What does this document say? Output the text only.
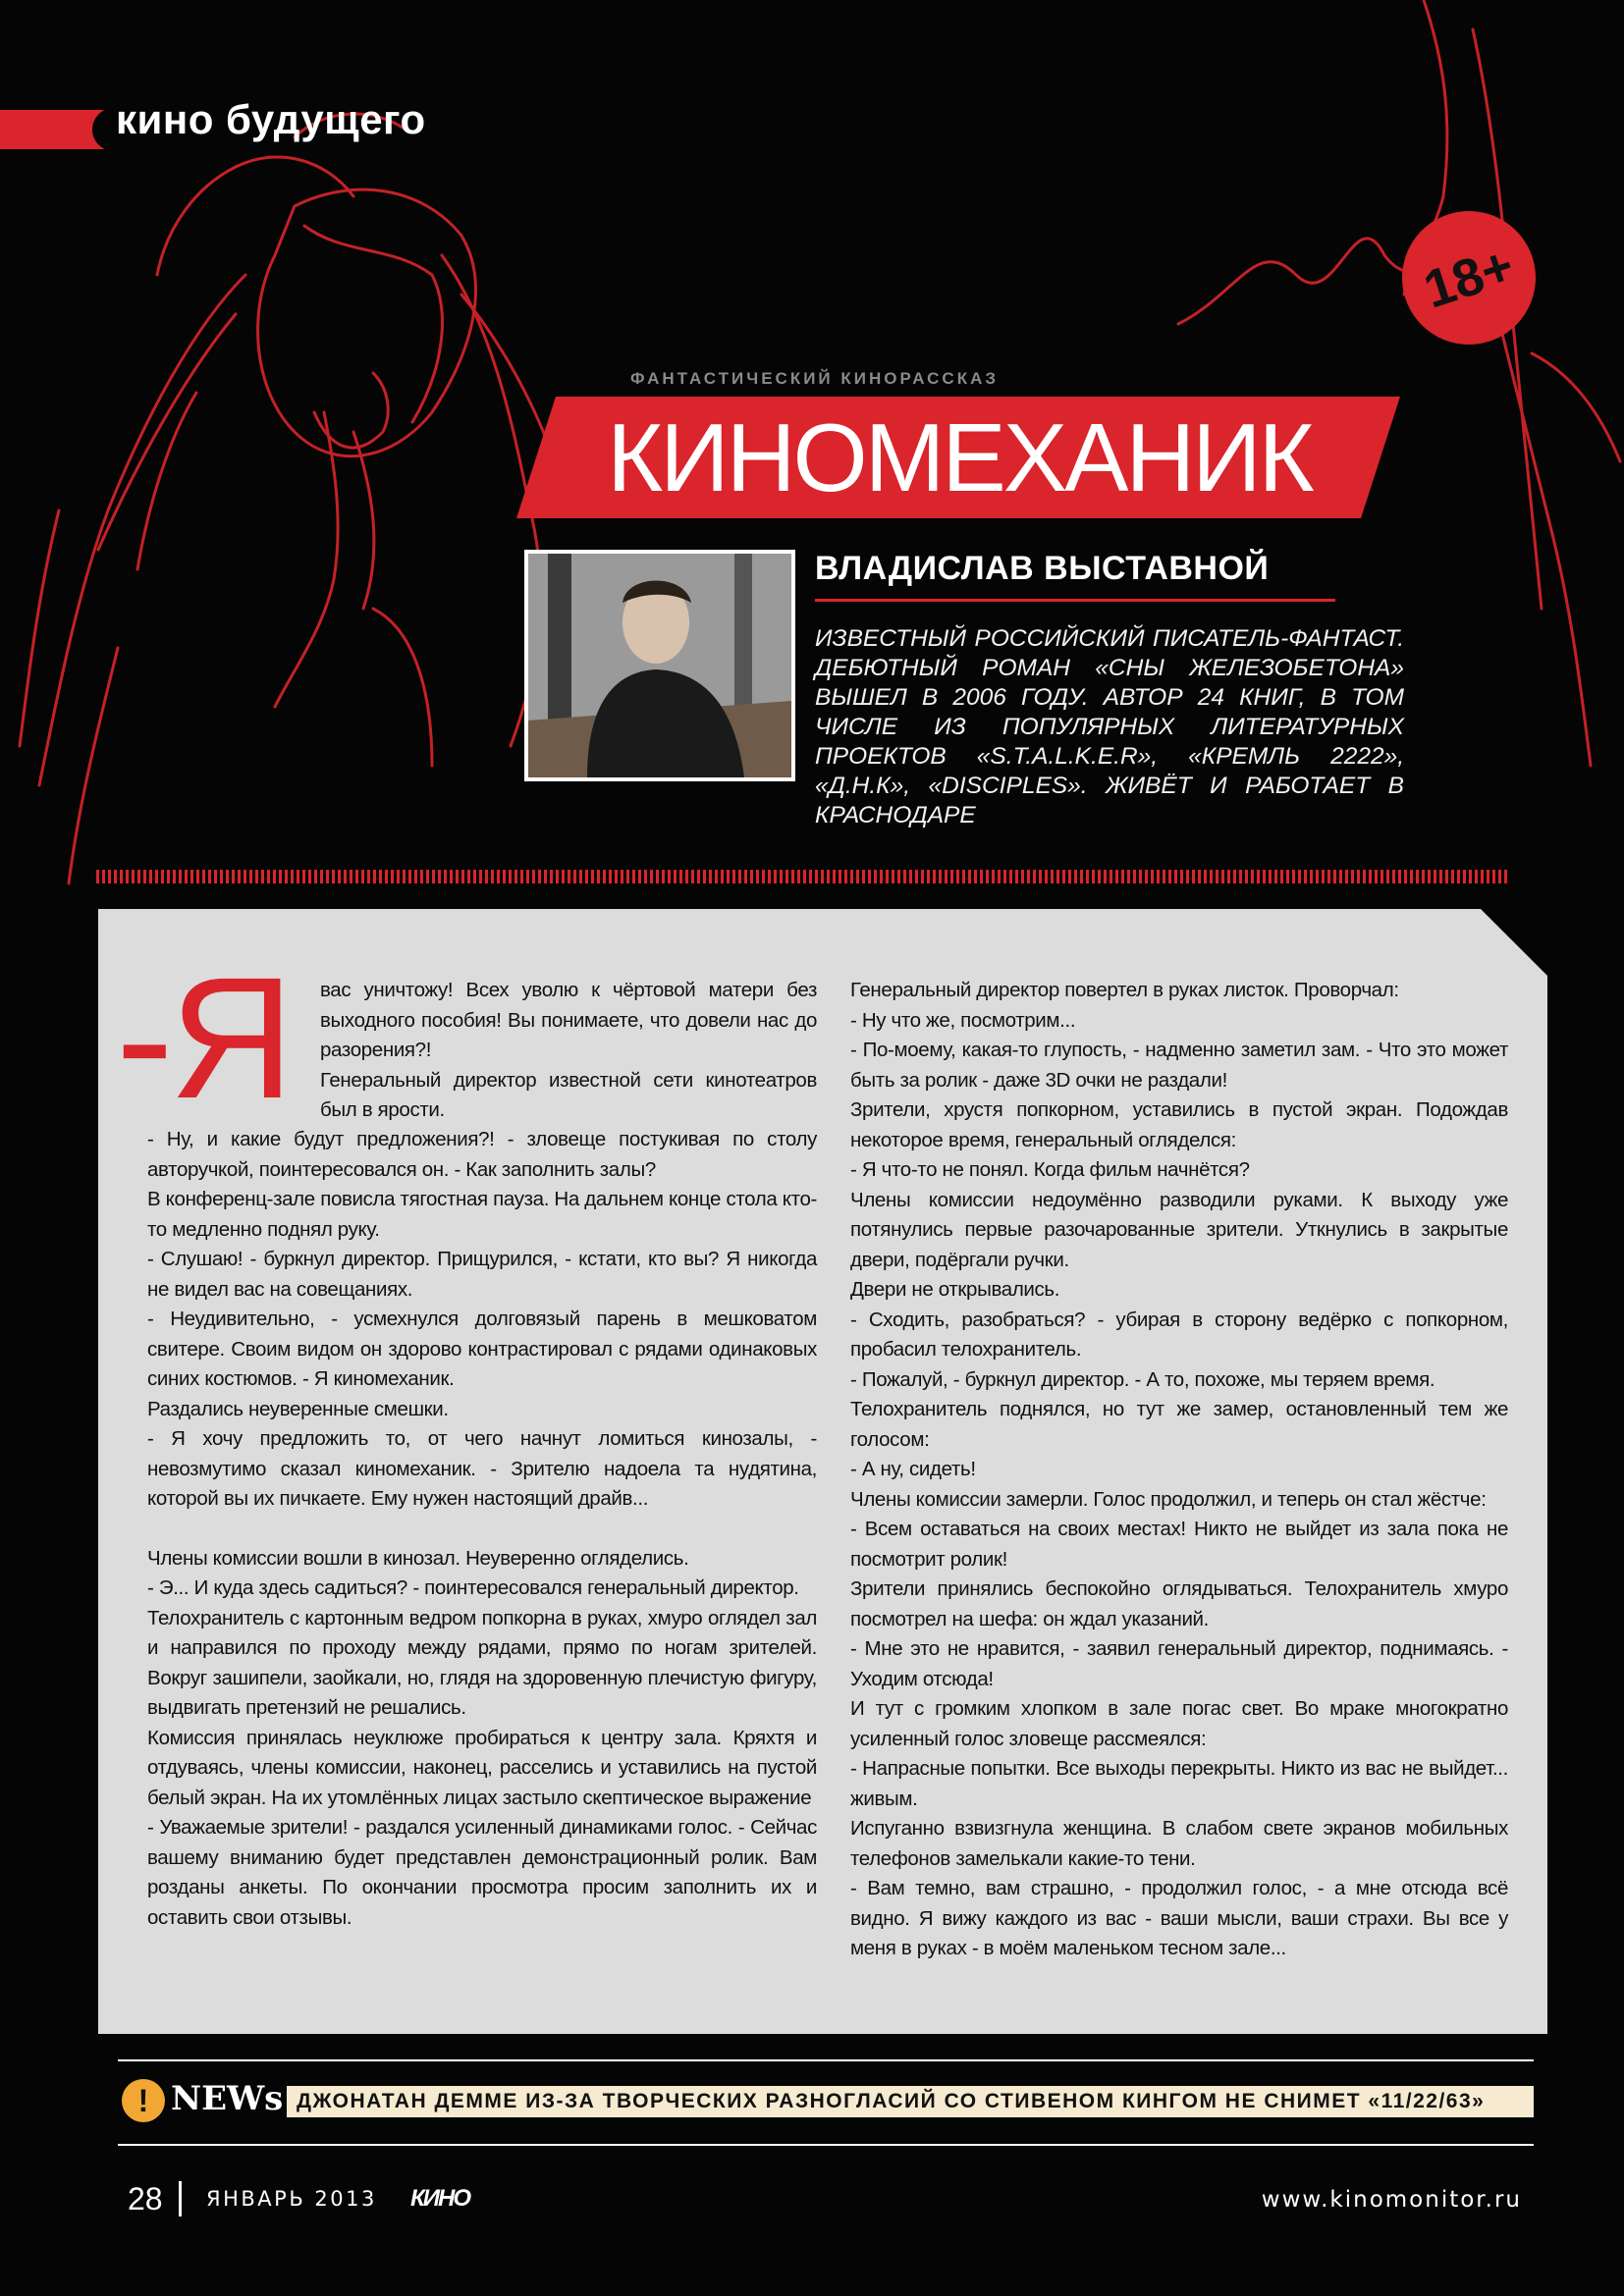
кино будущего
18+
ФАНТАСТИЧЕСКИЙ КИНОРАССКАЗ
КИНОМЕХАНИК
ВЛАДИСЛАВ ВЫСТАВНОЙ
ИЗВЕСТНЫЙ РОССИЙСКИЙ ПИСАТЕЛЬ-ФАНТАСТ. ДЕБЮТНЫЙ РОМАН «СНЫ ЖЕЛЕЗОБЕТОНА» ВЫШЕЛ В 2006 ГОДУ. АВТОР 24 КНИГ, В ТОМ ЧИСЛЕ ИЗ ПОПУЛЯРНЫХ ЛИТЕРАТУРНЫХ ПРОЕКТОВ «S.T.A.L.K.E.R», «КРЕМЛЬ 2222», «Д.Н.К», «DISCIPLES». ЖИВЁТ И РАБОТАЕТ В КРАСНОДАРЕ
-Я вас уничтожу! Всех уволю к чёртовой матери без выходного пособия! Вы понимаете, что довели нас до разорения?!

Генеральный директор известной сети кинотеатров был в ярости.

- Ну, и какие будут предложения?! - зловеще постукивая по столу авторучкой, поинтересовался он. - Как заполнить залы?

В конференц-зале повисла тягостная пауза. На дальнем конце стола кто-то медленно поднял руку.

- Слушаю! - буркнул директор. Прищурился, - кстати, кто вы? Я никогда не видел вас на совещаниях.

- Неудивительно, - усмехнулся долговязый парень в мешковатом свитере. Своим видом он здорово контрастировал с рядами одинаковых синих костюмов. - Я киномеханик.

Раздались неуверенные смешки.

- Я хочу предложить то, от чего начнут ломиться кинозалы, - невозмутимо сказал киномеханик. - Зрителю надоела та нудятина, которой вы их пичкаете. Ему нужен настоящий драйв...

Члены комиссии вошли в кинозал. Неуверенно огляделись.

- Э... И куда здесь садиться? - поинтересовался генеральный директор.

Телохранитель с картонным ведром попкорна в руках, хмуро оглядел зал и направился по проходу между рядами, прямо по ногам зрителей. Вокруг зашипели, заойкали, но, глядя на здоровенную плечистую фигуру, выдвигать претензий не решались.

Комиссия принялась неуклюже пробираться к центру зала. Кряхтя и отдуваясь, члены комиссии, наконец, расселись и уставились на пустой белый экран. На их утомлённых лицах застыло скептическое выражение

- Уважаемые зрители! - раздался усиленный динамиками голос. - Сейчас вашему вниманию будет представлен демонстрационный ролик. Вам розданы анкеты. По окончании просмотра просим заполнить их и оставить свои отзывы.

Генеральный директор повертел в руках листок. Проворчал:

- Ну что же, посмотрим...

- По-моему, какая-то глупость, - надменно заметил зам. - Что это может быть за ролик - даже 3D очки не раздали!

Зрители, хрустя попкорном, уставились в пустой экран. Подождав некоторое время, генеральный огляделся:

- Я что-то не понял. Когда фильм начнётся?

Члены комиссии недоумённо разводили руками. К выходу уже потянулись первые разочарованные зрители. Уткнулись в закрытые двери, подёргали ручки.

Двери не открывались.

- Сходить, разобраться? - убирая в сторону ведёрко с попкорном, пробасил телохранитель.

- Пожалуй, - буркнул директор. - А то, похоже, мы теряем время.

Телохранитель поднялся, но тут же замер, остановленный тем же голосом:

- А ну, сидеть!

Члены комиссии замерли. Голос продолжил, и теперь он стал жёстче:

- Всем оставаться на своих местах! Никто не выйдет из зала пока не посмотрит ролик!

Зрители принялись беспокойно оглядываться. Телохранитель хмуро посмотрел на шефа: он ждал указаний.

- Мне это не нравится, - заявил генеральный директор, поднимаясь. - Уходим отсюда!

И тут с громким хлопком в зале погас свет. Во мраке многократно усиленный голос зловеще рассмеялся:

- Напрасные попытки. Все выходы перекрыты. Никто из вас не выйдет... живым.

Испуганно взвизгнула женщина. В слабом свете экранов мобильных телефонов замелькали какие-то тени.

- Вам темно, вам страшно, - продолжил голос, - а мне отсюда всё видно. Я вижу каждого из вас - ваши мысли, ваши страхи. Вы все у меня в руках - в моём маленьком тесном зале...

! NEWs ДЖОНАТАН ДЕММЕ ИЗ-ЗА ТВОРЧЕСКИХ РАЗНОГЛАСИЙ СО СТИВЕНОМ КИНГОМ НЕ СНИМЕТ «11/22/63»
28 ЯНВАРЬ 2013 КИНО	www.kinomonitor.ru
